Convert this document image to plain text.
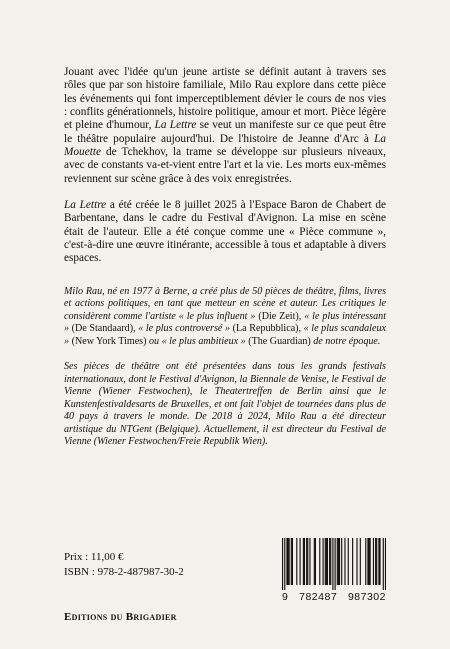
Jouant avec l'idée qu'un jeune artiste se définit autant à travers ses rôles que par son histoire familiale, Milo Rau explore dans cette pièce les événements qui font imperceptiblement dévier le cours de nos vies : conflits générationnels, histoire politique, amour et mort. Pièce légère et pleine d'humour, La Lettre se veut un manifeste sur ce que peut être le théâtre populaire aujourd'hui. De l'histoire de Jeanne d'Arc à La Mouette de Tchekhov, la trame se développe sur plusieurs niveaux, avec de constants va-et-vient entre l'art et la vie. Les morts eux-mêmes reviennent sur scène grâce à des voix enregistrées.

La Lettre a été créée le 8 juillet 2025 à l'Espace Baron de Chabert de Barbentane, dans le cadre du Festival d'Avignon. La mise en scène était de l'auteur. Elle a été conçue comme une « Pièce commune », c'est-à-dire une œuvre itinérante, accessible à tous et adaptable à divers espaces.

Milo Rau, né en 1977 à Berne, a créé plus de 50 pièces de théâtre, films, livres et actions politiques, en tant que metteur en scène et auteur. Les critiques le considèrent comme l'artiste « le plus influent » (Die Zeit), « le plus intéressant » (De Standaard), « le plus controversé » (La Repubblica), « le plus scandaleux » (New York Times) ou « le plus ambitieux » (The Guardian) de notre époque.

Ses pièces de théâtre ont été présentées dans tous les grands festivals internationaux, dont le Festival d'Avignon, la Biennale de Venise, le Festival de Vienne (Wiener Festwochen), le Theatertreffen de Berlin ainsi que le Kunstenfestivaldesarts de Bruxelles, et ont fait l'objet de tournées dans plus de 40 pays à travers le monde. De 2018 à 2024, Milo Rau a été directeur artistique du NTGent (Belgique). Actuellement, il est directeur du Festival de Vienne (Wiener Festwochen/Freie Republik Wien).

Prix : 11,00 €
ISBN : 978-2-487987-30-2
9 782487 987302
Editions du Brigadier
